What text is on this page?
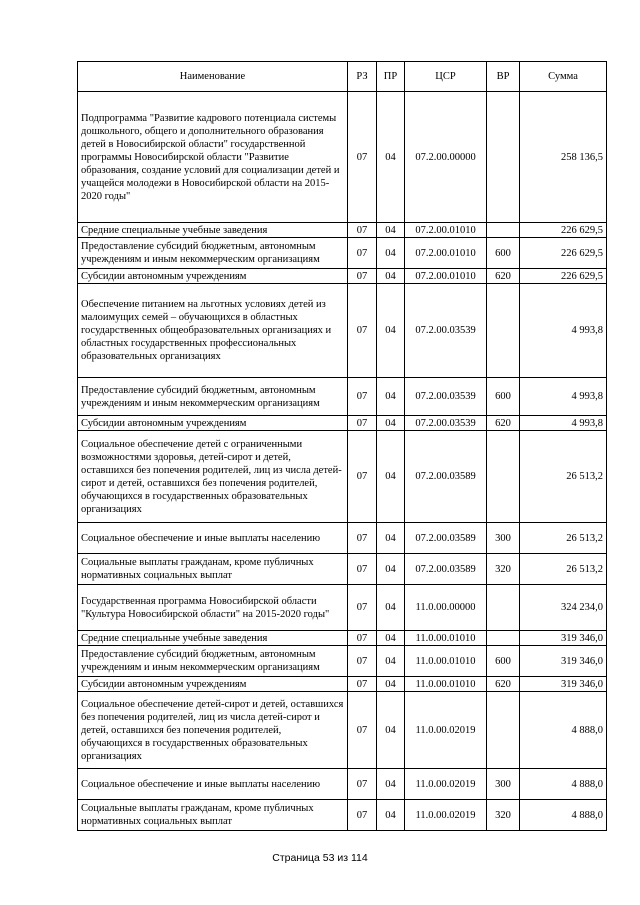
Наименование	РЗ	ПР	ЦСР	ВР	Сумма
Подпрограмма "Развитие кадрового потенциала системы дошкольного, общего и дополнительного образования детей в Новосибирской области" государственной программы Новосибирской области "Развитие образования, создание условий для социализации детей и учащейся молодежи в Новосибирской области на 2015-2020 годы"	07	04	07.2.00.00000		258 136,5
Средние специальные учебные заведения	07	04	07.2.00.01010		226 629,5
Предоставление субсидий бюджетным, автономным учреждениям и иным некоммерческим организациям	07	04	07.2.00.01010	600	226 629,5
Субсидии автономным учреждениям	07	04	07.2.00.01010	620	226 629,5
Обеспечение питанием на льготных условиях детей из малоимущих семей – обучающихся в областных государственных общеобразовательных организациях и областных государственных профессиональных образовательных организациях	07	04	07.2.00.03539		4 993,8
Предоставление субсидий бюджетным, автономным учреждениям и иным некоммерческим организациям	07	04	07.2.00.03539	600	4 993,8
Субсидии автономным учреждениям	07	04	07.2.00.03539	620	4 993,8
Социальное обеспечение детей с ограниченными возможностями здоровья, детей-сирот и детей, оставшихся без попечения родителей, лиц из числа детей-сирот и детей, оставшихся без попечения родителей, обучающихся в государственных образовательных организациях	07	04	07.2.00.03589		26 513,2
Социальное обеспечение и иные выплаты населению	07	04	07.2.00.03589	300	26 513,2
Социальные выплаты гражданам, кроме публичных нормативных социальных выплат	07	04	07.2.00.03589	320	26 513,2
Государственная программа Новосибирской области "Культура Новосибирской области" на 2015-2020 годы"	07	04	11.0.00.00000		324 234,0
Средние специальные учебные заведения	07	04	11.0.00.01010		319 346,0
Предоставление субсидий бюджетным, автономным учреждениям и иным некоммерческим организациям	07	04	11.0.00.01010	600	319 346,0
Субсидии автономным учреждениям	07	04	11.0.00.01010	620	319 346,0
Социальное обеспечение детей-сирот и детей, оставшихся без попечения родителей, лиц из числа детей-сирот и детей, оставшихся без попечения родителей, обучающихся в государственных образовательных организациях	07	04	11.0.00.02019		4 888,0
Социальное обеспечение и иные выплаты населению	07	04	11.0.00.02019	300	4 888,0
Социальные выплаты гражданам, кроме публичных нормативных социальных выплат	07	04	11.0.00.02019	320	4 888,0
Страница 53 из 114
